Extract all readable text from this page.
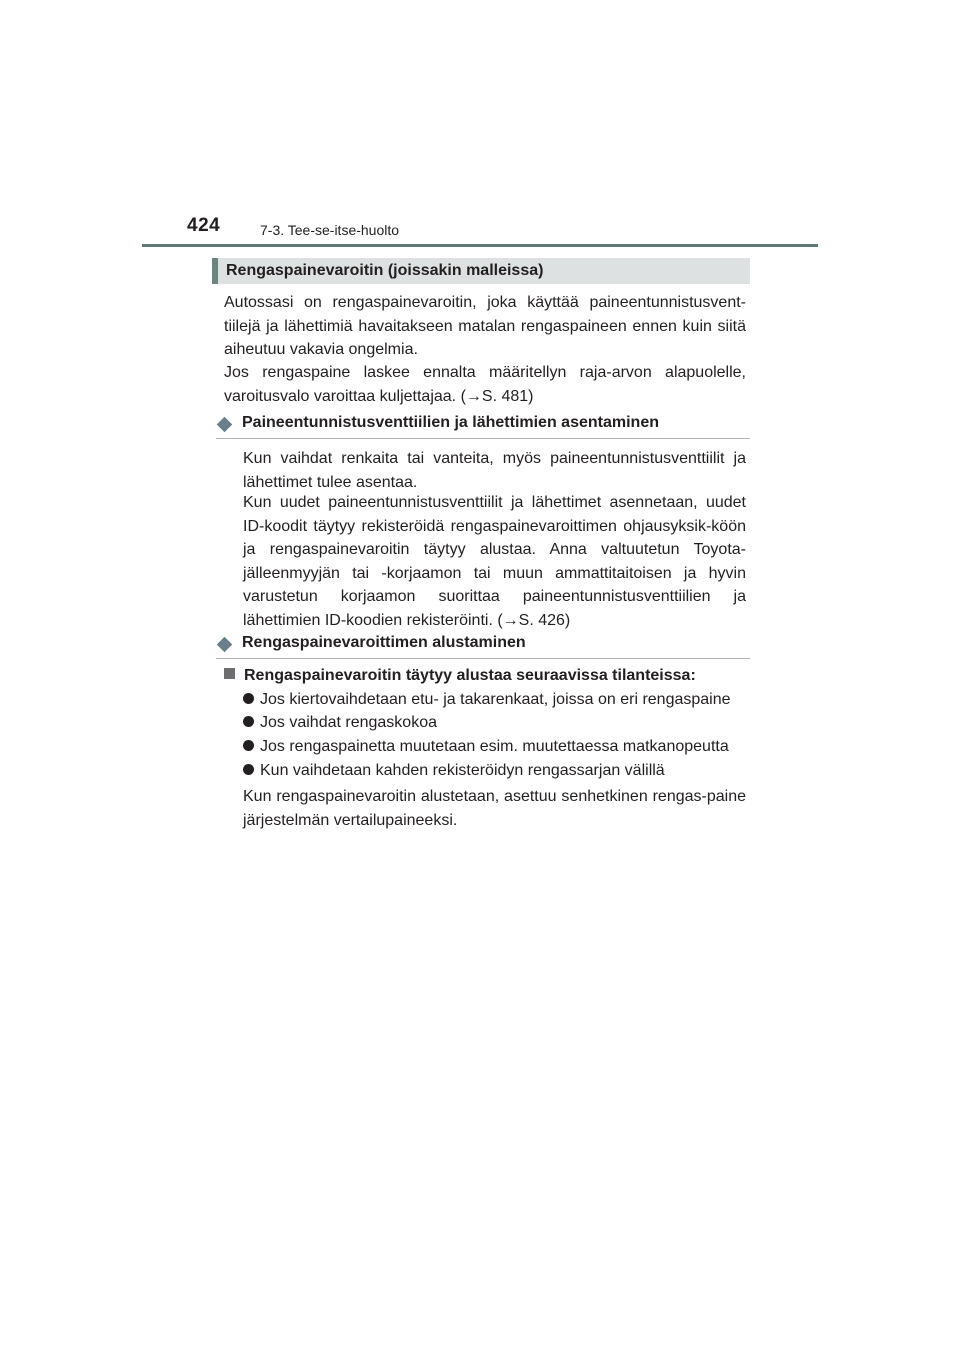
424	7-3. Tee-se-itse-huolto
Rengaspainevaroitin (joissakin malleissa)
Autossasi on rengaspainevaroitin, joka käyttää paineentunnistusvent-tiilejä ja lähettimiä havaitakseen matalan rengaspaineen ennen kuin siitä aiheutuu vakavia ongelmia.
Jos rengaspaine laskee ennalta määritellyn raja-arvon alapuolelle, varoitusvalo varoittaa kuljettajaa. (→S. 481)
Paineentunnistusventtiilien ja lähettimien asentaminen
Kun vaihdat renkaita tai vanteita, myös paineentunnistusventtiilit ja lähettimet tulee asentaa.
Kun uudet paineentunnistusventtiilit ja lähettimet asennetaan, uudet ID-koodit täytyy rekisteröidä rengaspainevaroittimen ohjausyksik-köön ja rengaspainevaroitin täytyy alustaa. Anna valtuutetun Toyota-jälleenmyyjän tai -korjaamon tai muun ammattitaitoisen ja hyvin varustetun korjaamon suorittaa paineentunnistusventtiilien ja lähettimien ID-koodien rekisteröinti. (→S. 426)
Rengaspainevaroittimen alustaminen
Rengaspainevaroitin täytyy alustaa seuraavissa tilanteissa:
Jos kiertovaihdetaan etu- ja takarenkaat, joissa on eri rengaspaine
Jos vaihdat rengaskokoa
Jos rengaspainetta muutetaan esim. muutettaessa matkanopeutta
Kun vaihdetaan kahden rekisteröidyn rengassarjan välillä
Kun rengaspainevaroitin alustetaan, asettuu senhetkinen rengas-paine järjestelmän vertailupaineeksi.
